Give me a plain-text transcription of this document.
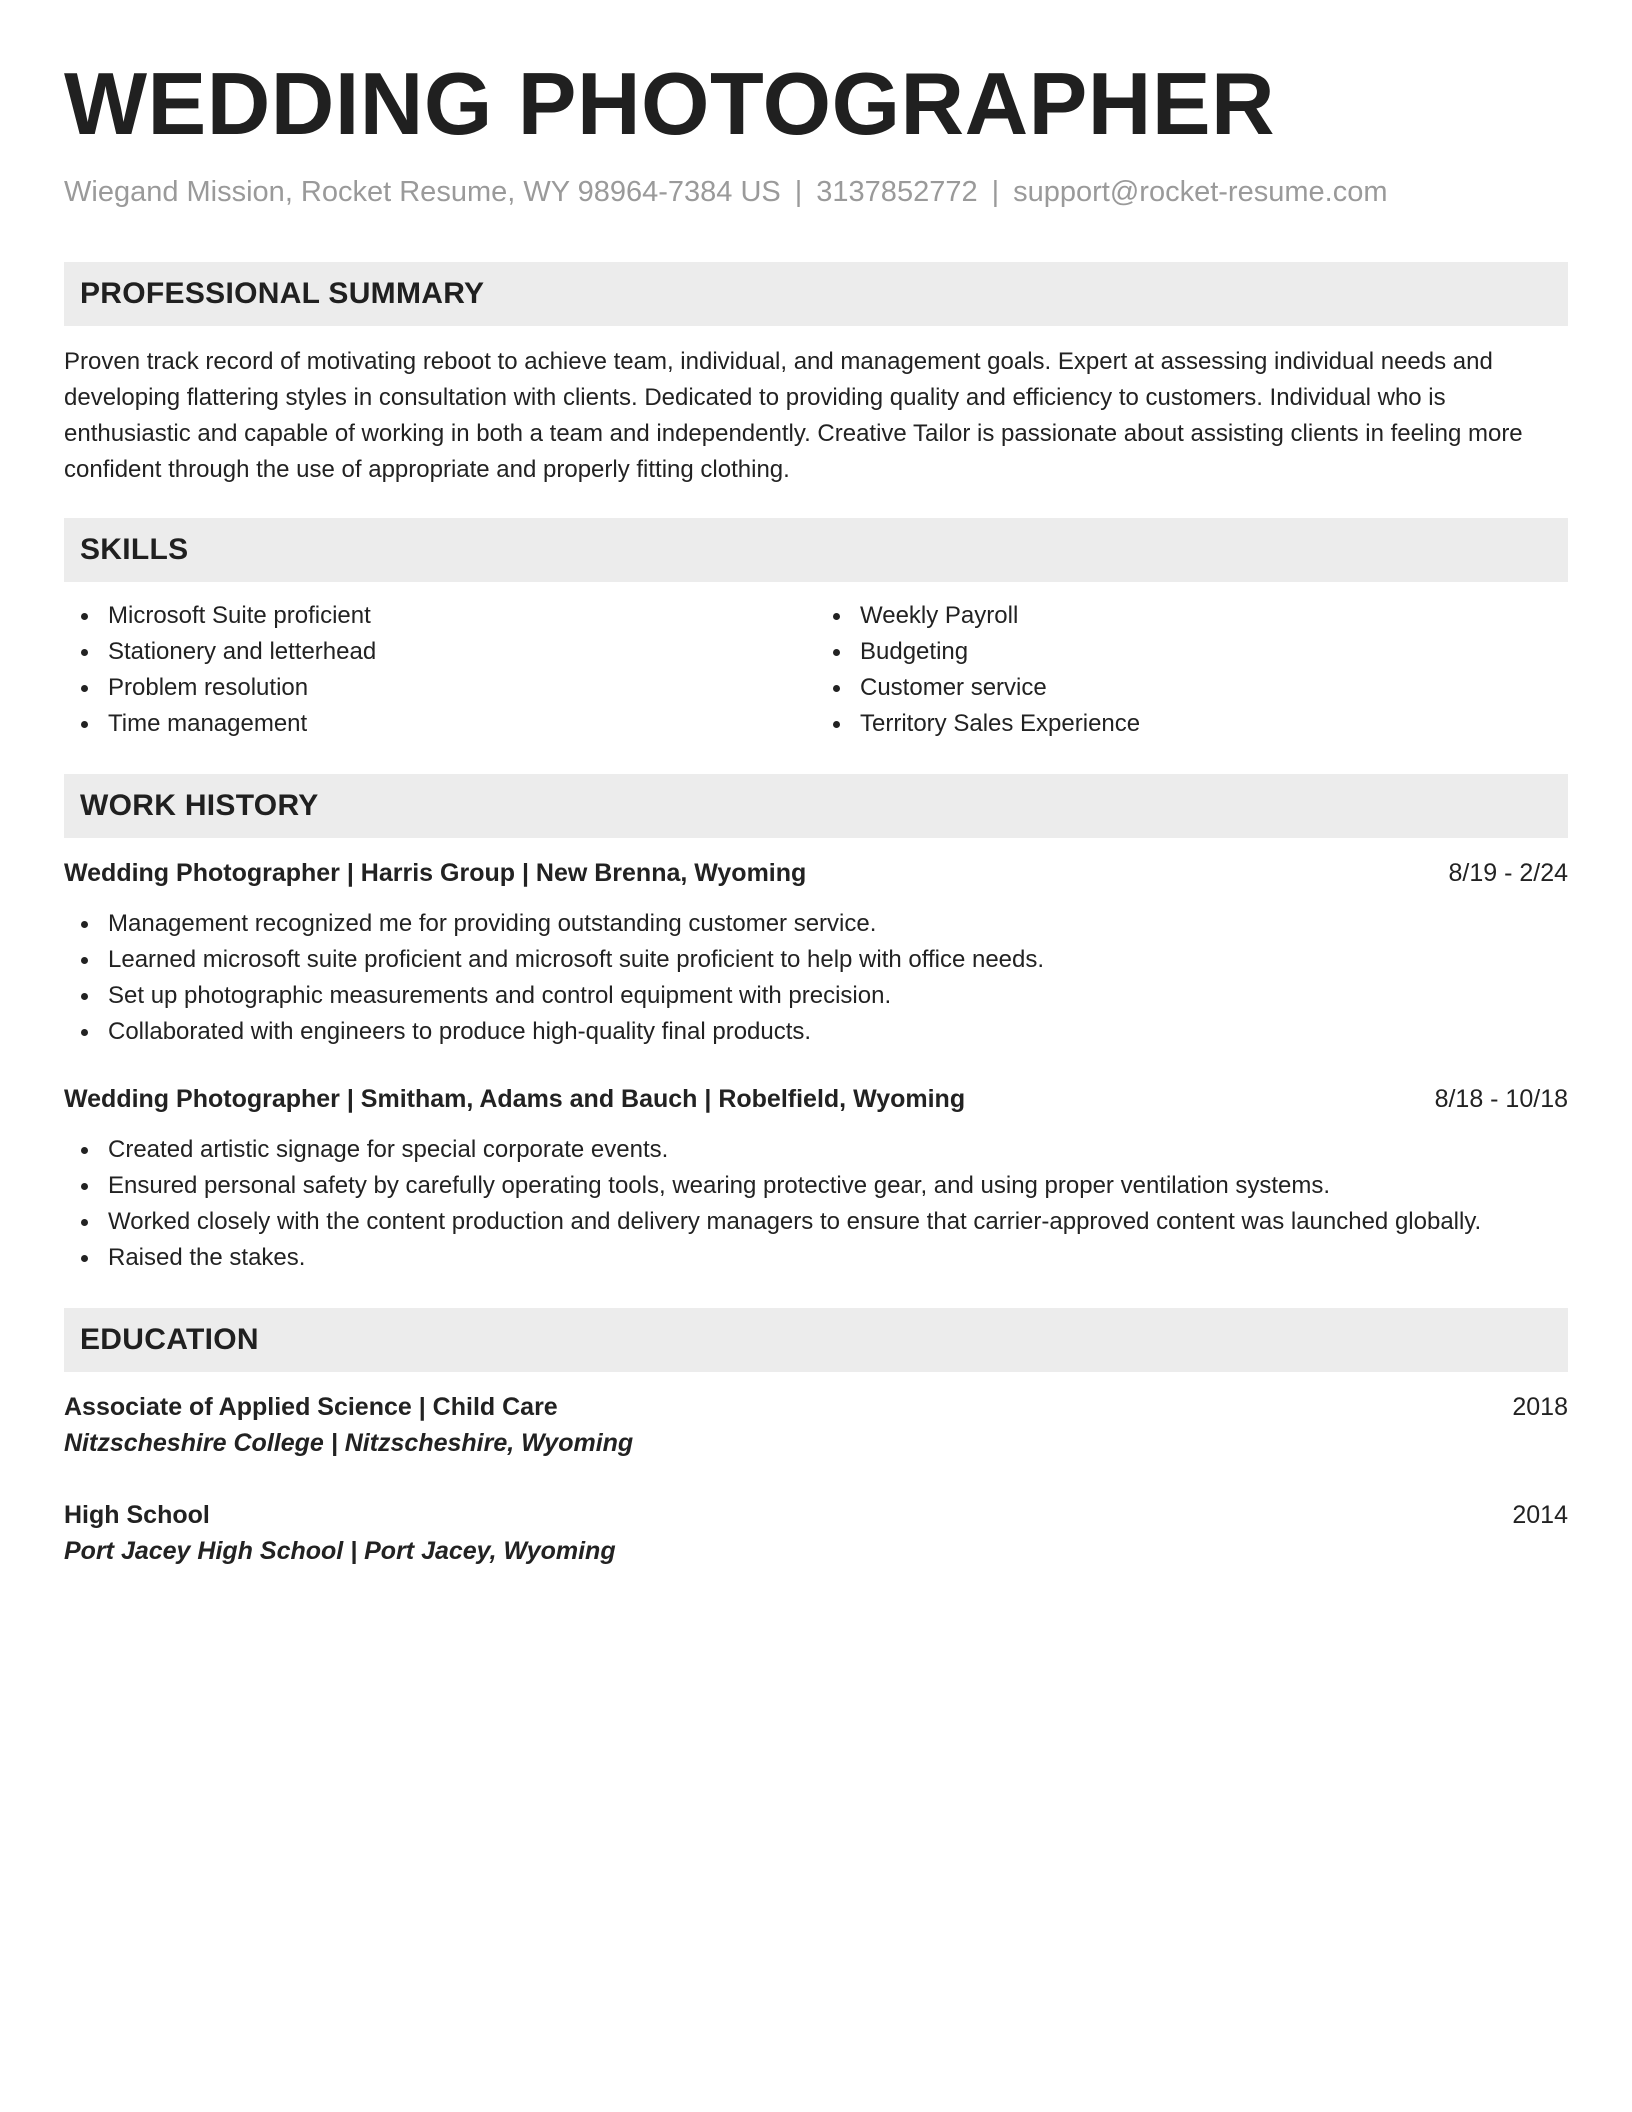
WEDDING PHOTOGRAPHER
Wiegand Mission, Rocket Resume, WY 98964-7384 US | 3137852772 | support@rocket-resume.com
PROFESSIONAL SUMMARY

Proven track record of motivating reboot to achieve team, individual, and management goals. Expert at assessing individual needs and developing flattering styles in consultation with clients. Dedicated to providing quality and efficiency to customers. Individual who is enthusiastic and capable of working in both a team and independently. Creative Tailor is passionate about assisting clients in feeling more confident through the use of appropriate and properly fitting clothing.

SKILLS
Microsoft Suite proficient
Stationery and letterhead
Problem resolution
Time management
Weekly Payroll
Budgeting
Customer service
Territory Sales Experience
WORK HISTORY
Wedding Photographer | Harris Group | New Brenna, Wyoming	8/19 - 2/24
Management recognized me for providing outstanding customer service.
Learned microsoft suite proficient and microsoft suite proficient to help with office needs.
Set up photographic measurements and control equipment with precision.
Collaborated with engineers to produce high-quality final products.
Wedding Photographer | Smitham, Adams and Bauch | Robelfield, Wyoming	8/18 - 10/18
Created artistic signage for special corporate events.
Ensured personal safety by carefully operating tools, wearing protective gear, and using proper ventilation systems.
Worked closely with the content production and delivery managers to ensure that carrier-approved content was launched globally.
Raised the stakes.
EDUCATION
Associate of Applied Science | Child Care	2018
Nitzscheshire College | Nitzscheshire, Wyoming
High School	2014
Port Jacey High School | Port Jacey, Wyoming
